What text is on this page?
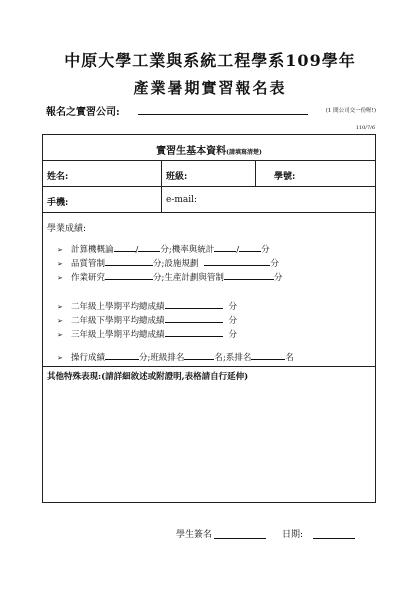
中原大學工業與系統工程學系109學年
產業暑期實習報名表
報名之實習公司:	(1 間公司交一份喔!)
110/7/6
實習生基本資料(請填寫清楚)
姓名:	班級:	學號:
手機:	e-mail:
學業成績:
➢ 計算機概論	/	分;機率與統計	/	分
➢ 品質管制	分;設施規劃	分
➢ 作業研究	分;生產計劃與管制	分
➢ 二年級上學期平均總成績	分
➢ 二年級下學期平均總成績	分
➢ 三年級上學期平均總成績	分
➢ 操行成績	分;班級排名	名;系排名	名
其他特殊表現:(請詳細敘述或附證明,表格請自行延伸)
學生簽名	日期:
